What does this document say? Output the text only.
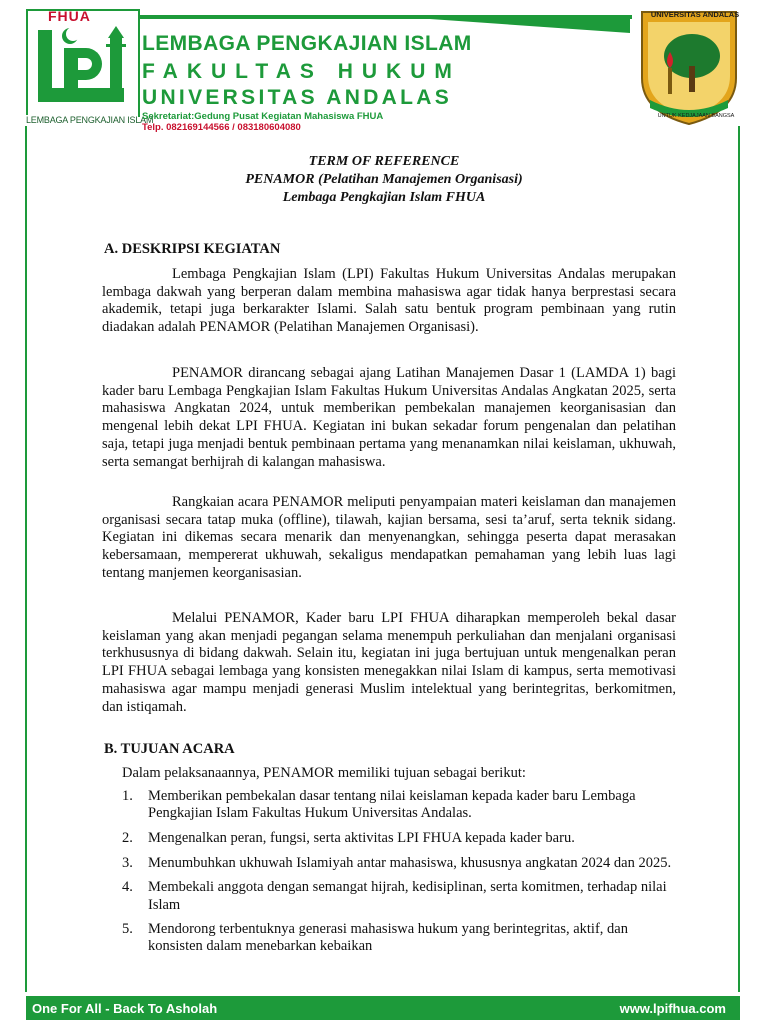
FHUA
LEMBAGA PENGKAJIAN ISLAM
LEMBAGA PENGKAJIAN ISLAM
FAKULTAS HUKUM
UNIVERSITAS ANDALAS
Sekretariat:Gedung Pusat Kegiatan Mahasiswa FHUA
Telp. 082169144566 / 083180604080
UNIVERSITAS ANDALAS
UNTUK KEDJAJAAN BANGSA
TERM OF REFERENCE
PENAMOR (Pelatihan Manajemen Organisasi)
Lembaga Pengkajian Islam FHUA
A. DESKRIPSI KEGIATAN

Lembaga Pengkajian Islam (LPI) Fakultas Hukum Universitas Andalas merupakan lembaga dakwah yang berperan dalam membina mahasiswa agar tidak hanya berprestasi secara akademik, tetapi juga berkarakter Islami. Salah satu bentuk program pembinaan yang rutin diadakan adalah PENAMOR (Pelatihan Manajemen Organisasi).

PENAMOR dirancang sebagai ajang Latihan Manajemen Dasar 1 (LAMDA 1) bagi kader baru Lembaga Pengkajian Islam Fakultas Hukum Universitas Andalas Angkatan 2025, serta mahasiswa Angkatan 2024, untuk memberikan pembekalan manajemen keorganisasian dan mengenal lebih dekat LPI FHUA. Kegiatan ini bukan sekadar forum pengenalan dan pelatihan saja, tetapi juga menjadi bentuk pembinaan pertama yang menanamkan nilai keislaman, ukhuwah, serta semangat berhijrah di kalangan mahasiswa.

Rangkaian acara PENAMOR meliputi penyampaian materi keislaman dan manajemen organisasi secara tatap muka (offline), tilawah, kajian bersama, sesi ta’aruf, serta teknik sidang. Kegiatan ini dikemas secara menarik dan menyenangkan, sehingga peserta dapat merasakan kebersamaan, mempererat ukhuwah, sekaligus mendapatkan pemahaman yang lebih luas lagi tentang manjemen keorganisasian.

Melalui PENAMOR, Kader baru LPI FHUA diharapkan memperoleh bekal dasar keislaman yang akan menjadi pegangan selama menempuh perkuliahan dan menjalani organisasi terkhususnya di bidang dakwah. Selain itu, kegiatan ini juga bertujuan untuk mengenalkan peran LPI FHUA sebagai lembaga yang konsisten menegakkan nilai Islam di kampus, serta memotivasi mahasiswa agar mampu menjadi generasi Muslim intelektual yang berintegritas, berkomitmen, dan istiqamah.

B. TUJUAN ACARA
Dalam pelaksanaannya, PENAMOR memiliki tujuan sebagai berikut:
1. Memberikan pembekalan dasar tentang nilai keislaman kepada kader baru Lembaga Pengkajian Islam Fakultas Hukum Universitas Andalas.
2. Mengenalkan peran, fungsi, serta aktivitas LPI FHUA kepada kader baru.
3. Menumbuhkan ukhuwah Islamiyah antar mahasiswa, khususnya angkatan 2024 dan 2025.
4. Membekali anggota dengan semangat hijrah, kedisiplinan, serta komitmen, terhadap nilai Islam
5. Mendorong terbentuknya generasi mahasiswa hukum yang berintegritas, aktif, dan konsisten dalam menebarkan kebaikan
One For All - Back To Asholah	www.lpifhua.com
